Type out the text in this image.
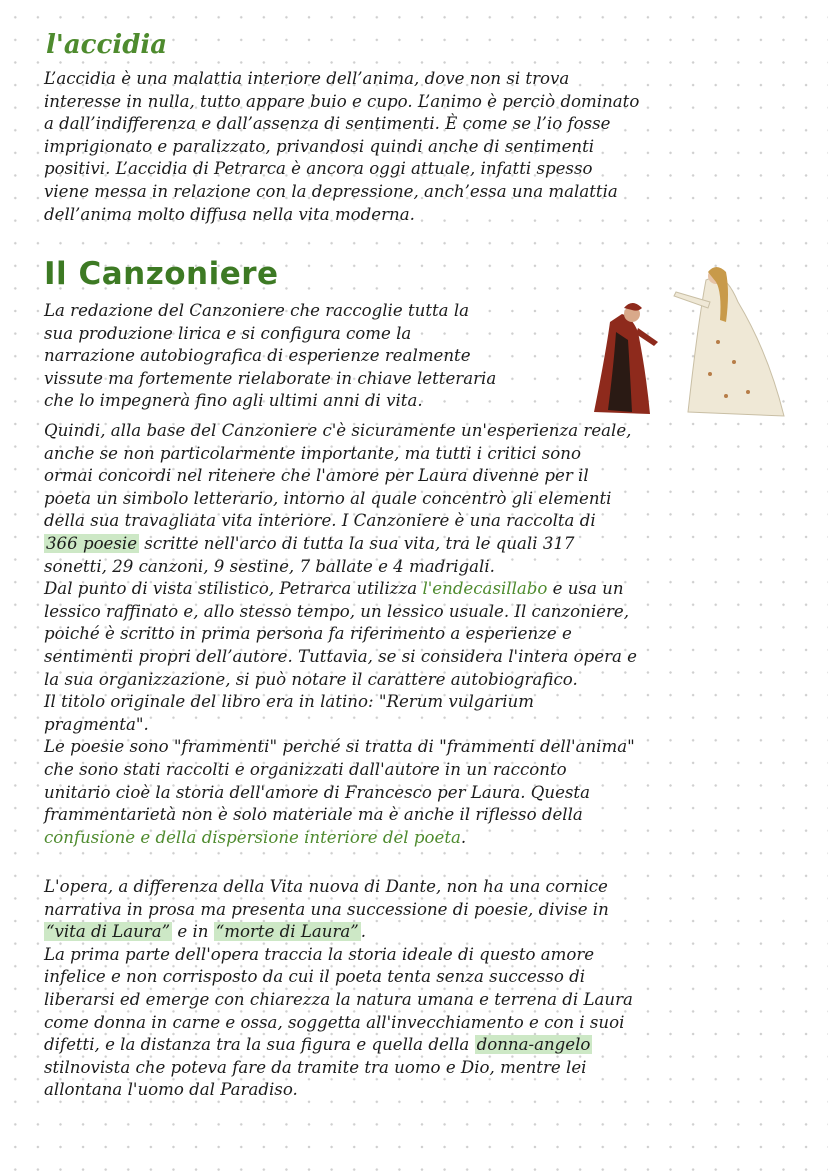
l'accidia

L’accidia è una malattia interiore dell’anima, dove non si trova

interesse in nulla, tutto appare buio e cupo. L’animo è perciò dominato

a dall’indifferenza e dall’assenza di sentimenti. È come se l’io fosse

imprigionato e paralizzato, privandosi quindi anche di sentimenti

positivi. L’accidia di Petrarca è ancora oggi attuale, infatti spesso

viene messa in relazione con la depressione, anch’essa una malattia

dell’anima molto diffusa nella vita moderna.

Il Canzoniere

La redazione del Canzoniere che raccoglie tutta la

sua produzione lirica e si configura come la

narrazione autobiografica di esperienze realmente

vissute ma fortemente rielaborate in chiave letteraria

che lo impegnerà fino agli ultimi anni di vita.

Quindi, alla base del Canzoniere c'è sicuramente un'esperienza reale,

anche se non particolarmente importante, ma tutti i critici sono

ormai concordi nel ritenere che l'amore per Laura divenne per il

poeta un simbolo letterario, intorno al quale concentrò gli elementi

della sua travagliata vita interiore. I Canzoniere è una raccolta di

366 poesie scritte nell'arco di tutta la sua vita, tra le quali 317

sonetti, 29 canzoni, 9 sestine, 7 ballate e 4 madrigali.

Dal punto di vista stilistico, Petrarca utilizza l'endecasillabo e usa un

lessico raffinato e, allo stesso tempo, un lessico usuale. Il canzoniere,

poiché è scritto in prima persona fa riferimento a esperienze e

sentimenti propri dell’autore. Tuttavia, se si considera l'intera opera e

la sua organizzazione, si può notare il carattere autobiografico.

Il titolo originale del libro era in latino: "Rerum vulgarium

pragmenta".

Le poesie sono "frammenti" perché si tratta di "frammenti dell'anima"

che sono stati raccolti e organizzati dall'autore in un racconto

unitario cioè la storia dell'amore di Francesco per Laura. Questa

frammentarietà non è solo materiale ma è anche il riflesso della

confusione e della dispersione interiore del poeta.

L'opera, a differenza della Vita nuova di Dante, non ha una cornice

narrativa in prosa ma presenta una successione di poesie, divise in

“vita di Laura” e in “morte di Laura” .

La prima parte dell'opera traccia la storia ideale di questo amore

infelice e non corrisposto da cui il poeta tenta senza successo di

liberarsi ed emerge con chiarezza la natura umana e terrena di Laura

come donna in carne e ossa, soggetta all'invecchiamento e con i suoi

difetti, e la distanza tra la sua figura e quella della donna-angelo

stilnovista che poteva fare da tramite tra uomo e Dio, mentre lei

allontana l'uomo dal Paradiso.
